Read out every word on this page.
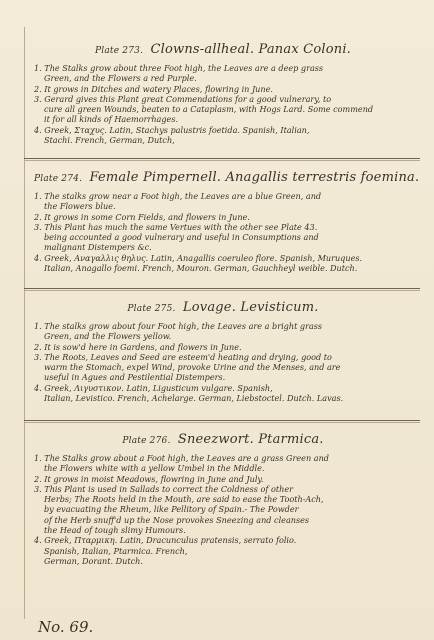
Plate 273. Clowns-allheal. Panax Coloni.
1. The Stalks grow about three Foot high, the Leaves are a deep grass
Green, and the Flowers a red Purple.
2. It grows in Ditches and watery Places, flowring in June.
3. Gerard gives this Plant great Commendations for a good vulnerary, to
cure all green Wounds, beaten to a Cataplasm, with Hogs Lard. Some commend
it for all kinds of Haemorrhages.
4. Greek, Σταχυς. Latin, Stachys palustris foetida. Spanish, Italian,
Stachi. French, German, Dutch,
Plate 274. Female Pimpernell. Anagallis terrestris foemina.
1. The stalks grow near a Foot high, the Leaves are a blue Green, and
the Flowers blue.
2. It grows in some Corn Fields, and flowers in June.
3. This Plant has much the same Vertues with the other see Plate 43.
being accounted a good vulnerary and useful in Consumptions and
malignant Distempers &c.
4. Greek, Αναγαλλις θηλυς. Latin, Anagallis coeruleo flore. Spanish, Muruques.
Italian, Anagallo foemi. French, Mouron. German, Gauchheyl weible. Dutch.
Plate 275. Lovage. Levisticum.
1. The stalks grow about four Foot high, the Leaves are a bright grass
Green, and the Flowers yellow.
2. It is sow'd here in Gardens, and flowers in June.
3. The Roots, Leaves and Seed are esteem'd heating and drying, good to
warm the Stomach, expel Wind, provoke Urine and the Menses, and are
useful in Agues and Pestilential Distempers.
4. Greek, Λιγυστικον. Latin, Ligusticum vulgare. Spanish,
Italian, Levistico. French, Achelarge. German, Liebstoctel. Dutch. Lavas.
Plate 276. Sneezwort. Ptarmica.
1. The Stalks grow about a Foot high, the Leaves are a grass Green and
the Flowers white with a yellow Umbel in the Middle.
2. It grows in moist Meadows, flowring in June and July.
3. This Plant is used in Sallads to correct the Coldness of other
Herbs; The Roots held in the Mouth, are said to ease the Tooth-Ach,
by evacuating the Rheum, like Pellitory of Spain.- The Powder
of the Herb snuff'd up the Nose provokes Sneezing and cleanses
the Head of tough slimy Humours.
4. Greek, Πταρμικη. Latin, Dracunculus pratensis, serrato folio.
Spanish, Italian, Ptarmica. French,
German, Dorant. Dutch.
No. 69.
